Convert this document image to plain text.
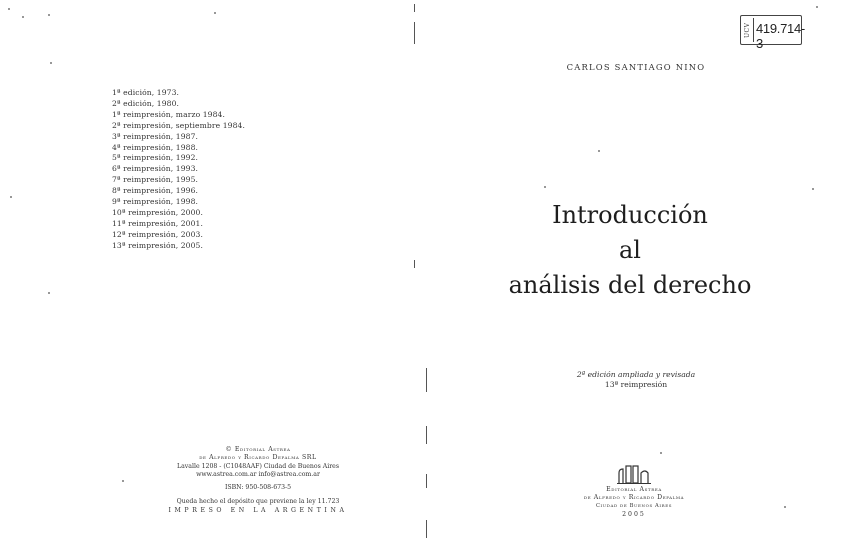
1ª edición, 1973.
2ª edición, 1980.
1ª reimpresión, marzo 1984.
2ª reimpresión, septiembre 1984.
3ª reimpresión, 1987.
4ª reimpresión, 1988.
5ª reimpresión, 1992.
6ª reimpresión, 1993.
7ª reimpresión, 1995.
8ª reimpresión, 1996.
9ª reimpresión, 1998.
10ª reimpresión, 2000.
11ª reimpresión, 2001.
12ª reimpresión, 2003.
13ª reimpresión, 2005.
© Editorial Astrea
de Alfredo y Ricardo Depalma SRL
Lavalle 1208 - (C1048AAF) Ciudad de Buenos Aires
www.astrea.com.ar info@astrea.com.ar
ISBN: 950-508-673-5
Queda hecho el depósito que previene la ley 11.723
IMPRESO EN LA ARGENTINA
UCV 419.714-3
CARLOS SANTIAGO NINO
Introducción
al
análisis del derecho
2ª edición ampliada y revisada
13ª reimpresión
Editorial Astrea
de Alfredo y Ricardo Depalma
Ciudad de Buenos Aires
2005
